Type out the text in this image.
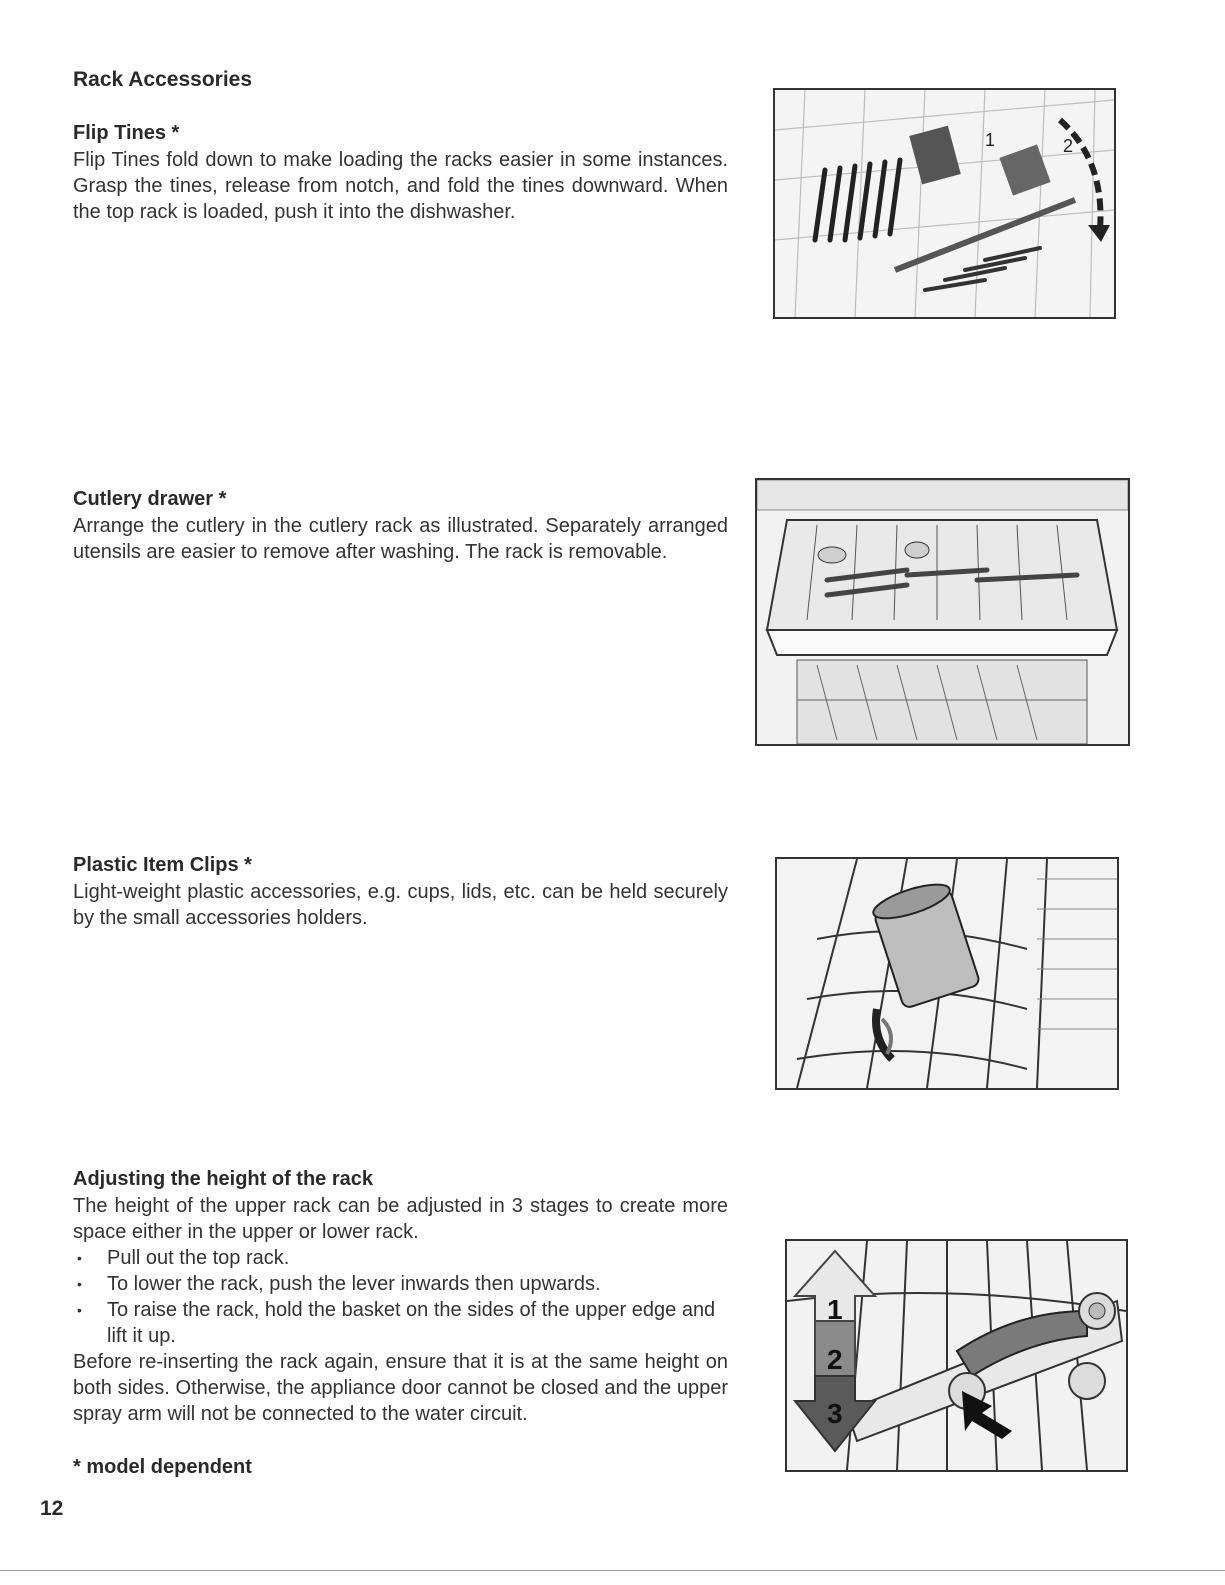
Rack Accessories
Flip Tines *

Flip Tines fold down to make loading the racks easier in some instances. Grasp the tines, release from notch, and fold the tines downward. When the top rack is loaded, push it into the dishwasher.

1	2
Cutlery drawer *

Arrange the cutlery in the cutlery rack as illustrated. Separately arranged utensils are easier to remove after washing. The rack is removable.

Plastic Item Clips *

Light-weight plastic accessories, e.g. cups, lids, etc. can be held securely by the small accessories holders.

Adjusting the height of the rack

The height of the upper rack can be adjusted in 3 stages to create more space either in the upper or lower rack.

• Pull out the top rack.
• To lower the rack, push the lever inwards then upwards.
• To raise the rack, hold the basket on the sides of the upper edge and lift it up.

Before re-inserting the rack again, ensure that it is at the same height on both sides. Otherwise, the appliance door cannot be closed and the upper spray arm will not be connected to the water circuit.

1
2
3

* model dependent

12
